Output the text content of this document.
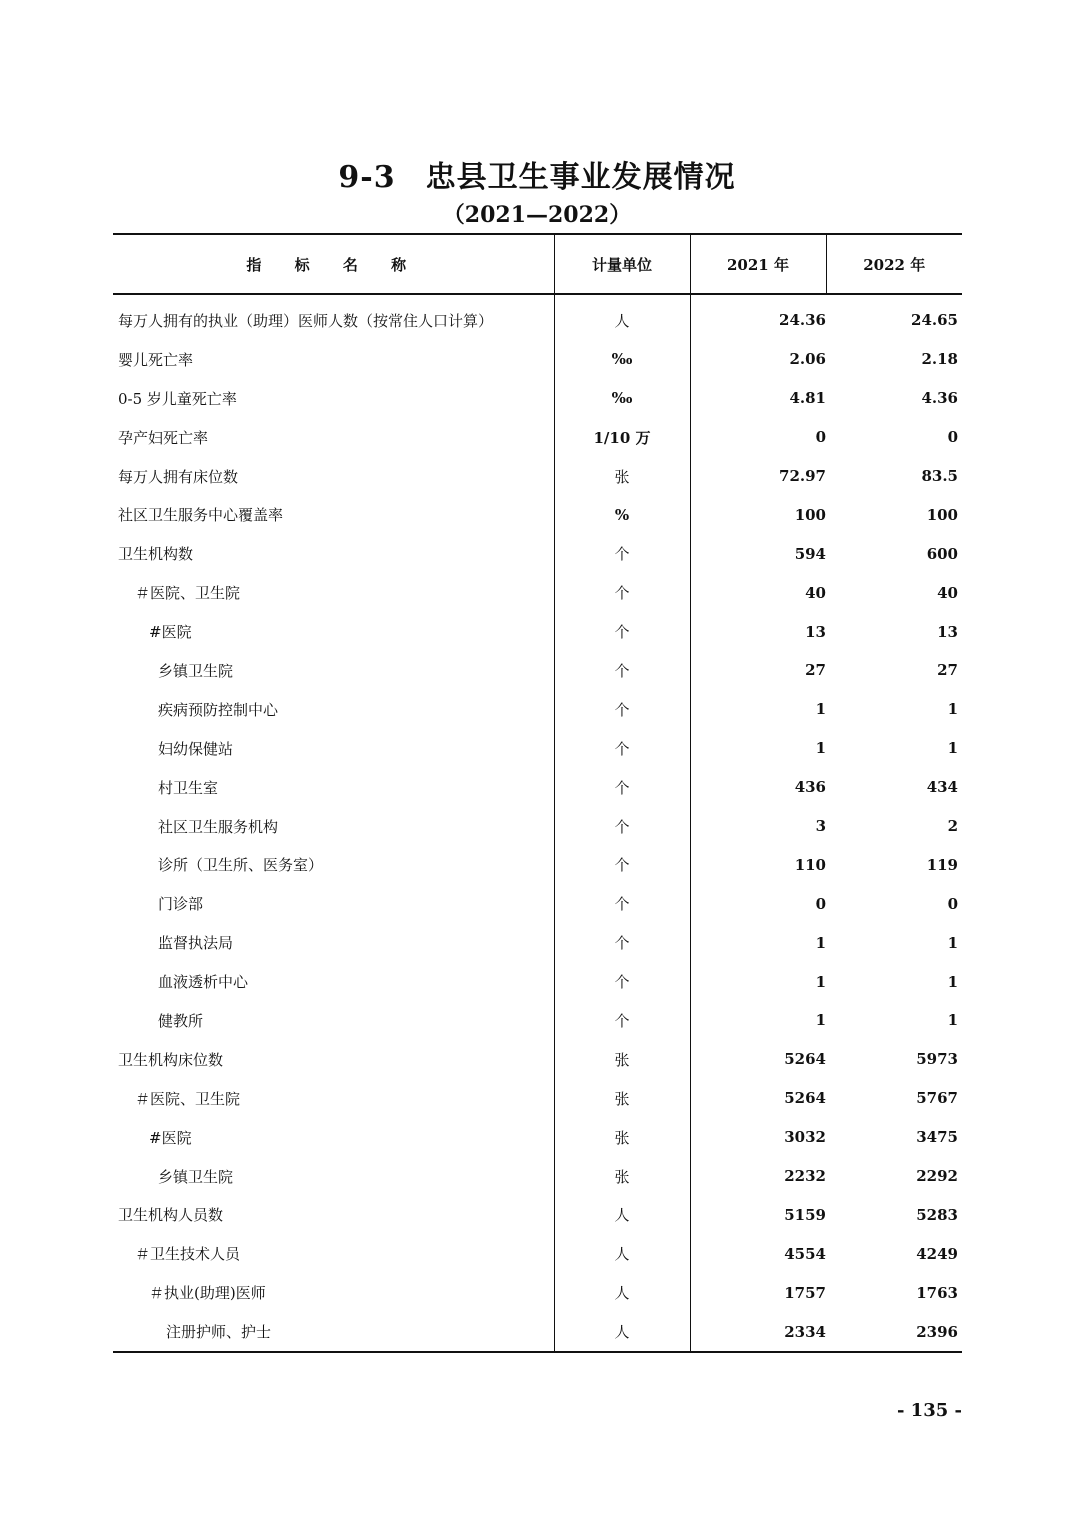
9-3 忠县卫生事业发展情况
（2021—2022）
指 标 名 称	计量单位	2021 年	2022 年
每万人拥有的执业（助理）医师人数（按常住人口计算）	人	24.36	24.65
婴儿死亡率	‰	2.06	2.18
0-5 岁儿童死亡率	‰	4.81	4.36
孕产妇死亡率	1/10 万	0	0
每万人拥有床位数	张	72.97	83.5
社区卫生服务中心覆盖率	%	100	100
卫生机构数	个	594	600
＃医院、卫生院	个	40	40
#医院	个	13	13
乡镇卫生院	个	27	27
疾病预防控制中心	个	1	1
妇幼保健站	个	1	1
村卫生室	个	436	434
社区卫生服务机构	个	3	2
诊所（卫生所、医务室）	个	110	119
门诊部	个	0	0
监督执法局	个	1	1
血液透析中心	个	1	1
健教所	个	1	1
卫生机构床位数	张	5264	5973
＃医院、卫生院	张	5264	5767
#医院	张	3032	3475
乡镇卫生院	张	2232	2292
卫生机构人员数	人	5159	5283
＃卫生技术人员	人	4554	4249
＃执业(助理)医师	人	1757	1763
注册护师、护士	人	2334	2396
- 135 -
